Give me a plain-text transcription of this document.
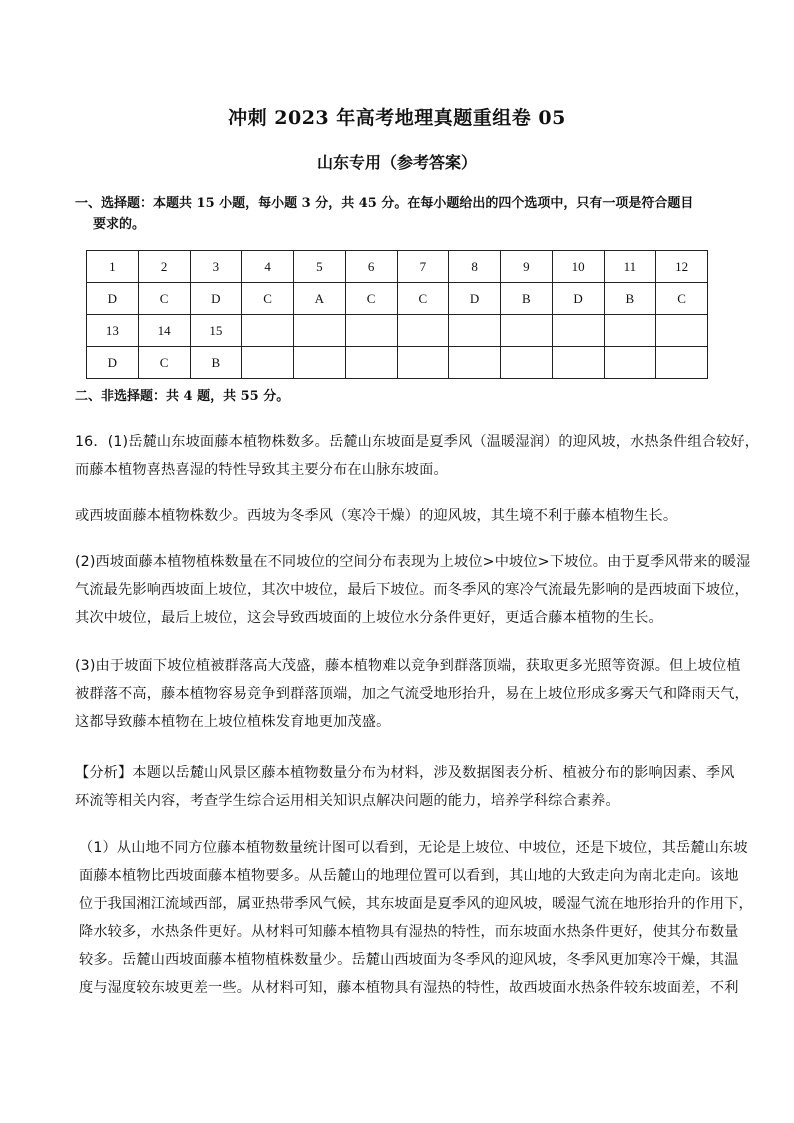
冲刺 2023 年高考地理真题重组卷 05
山东专用（参考答案）
一、选择题：本题共 15 小题，每小题 3 分，共 45 分。在每小题给出的四个选项中，只有一项是符合题目
要求的。
1	2	3	4	5	6	7	8	9	10	11	12
D	C	D	C	A	C	C	D	B	D	B	C
13	14	15									
D	C	B									
二、非选择题：共 4 题，共 55 分。
16．(1)岳麓山东坡面藤本植物株数多。岳麓山东坡面是夏季风（温暖湿润）的迎风坡，水热条件组合较好，
而藤本植物喜热喜湿的特性导致其主要分布在山脉东坡面。
或西坡面藤本植物株数少。西坡为冬季风（寒冷干燥）的迎风坡，其生境不利于藤本植物生长。
(2)西坡面藤本植物植株数量在不同坡位的空间分布表现为上坡位>中坡位>下坡位。由于夏季风带来的暖湿
气流最先影响西坡面上坡位，其次中坡位，最后下坡位。而冬季风的寒冷气流最先影响的是西坡面下坡位，
其次中坡位，最后上坡位，这会导致西坡面的上坡位水分条件更好，更适合藤本植物的生长。
(3)由于坡面下坡位植被群落高大茂盛，藤本植物难以竞争到群落顶端，获取更多光照等资源。但上坡位植
被群落不高，藤本植物容易竞争到群落顶端，加之气流受地形抬升，易在上坡位形成多雾天气和降雨天气，
这都导致藤本植物在上坡位植株发育地更加茂盛。
【分析】本题以岳麓山风景区藤本植物数量分布为材料，涉及数据图表分析、植被分布的影响因素、季风
环流等相关内容，考查学生综合运用相关知识点解决问题的能力，培养学科综合素养。
（1）从山地不同方位藤本植物数量统计图可以看到，无论是上坡位、中坡位，还是下坡位，其岳麓山东坡
面藤本植物比西坡面藤本植物要多。从岳麓山的地理位置可以看到，其山地的大致走向为南北走向。该地
位于我国湘江流域西部，属亚热带季风气候，其东坡面是夏季风的迎风坡，暖湿气流在地形抬升的作用下，
降水较多，水热条件更好。从材料可知藤本植物具有湿热的特性，而东坡面水热条件更好，使其分布数量
较多。岳麓山西坡面藤本植物植株数量少。岳麓山西坡面为冬季风的迎风坡，冬季风更加寒冷干燥，其温
度与湿度较东坡更差一些。从材料可知，藤本植物具有湿热的特性，故西坡面水热条件较东坡面差，不利
